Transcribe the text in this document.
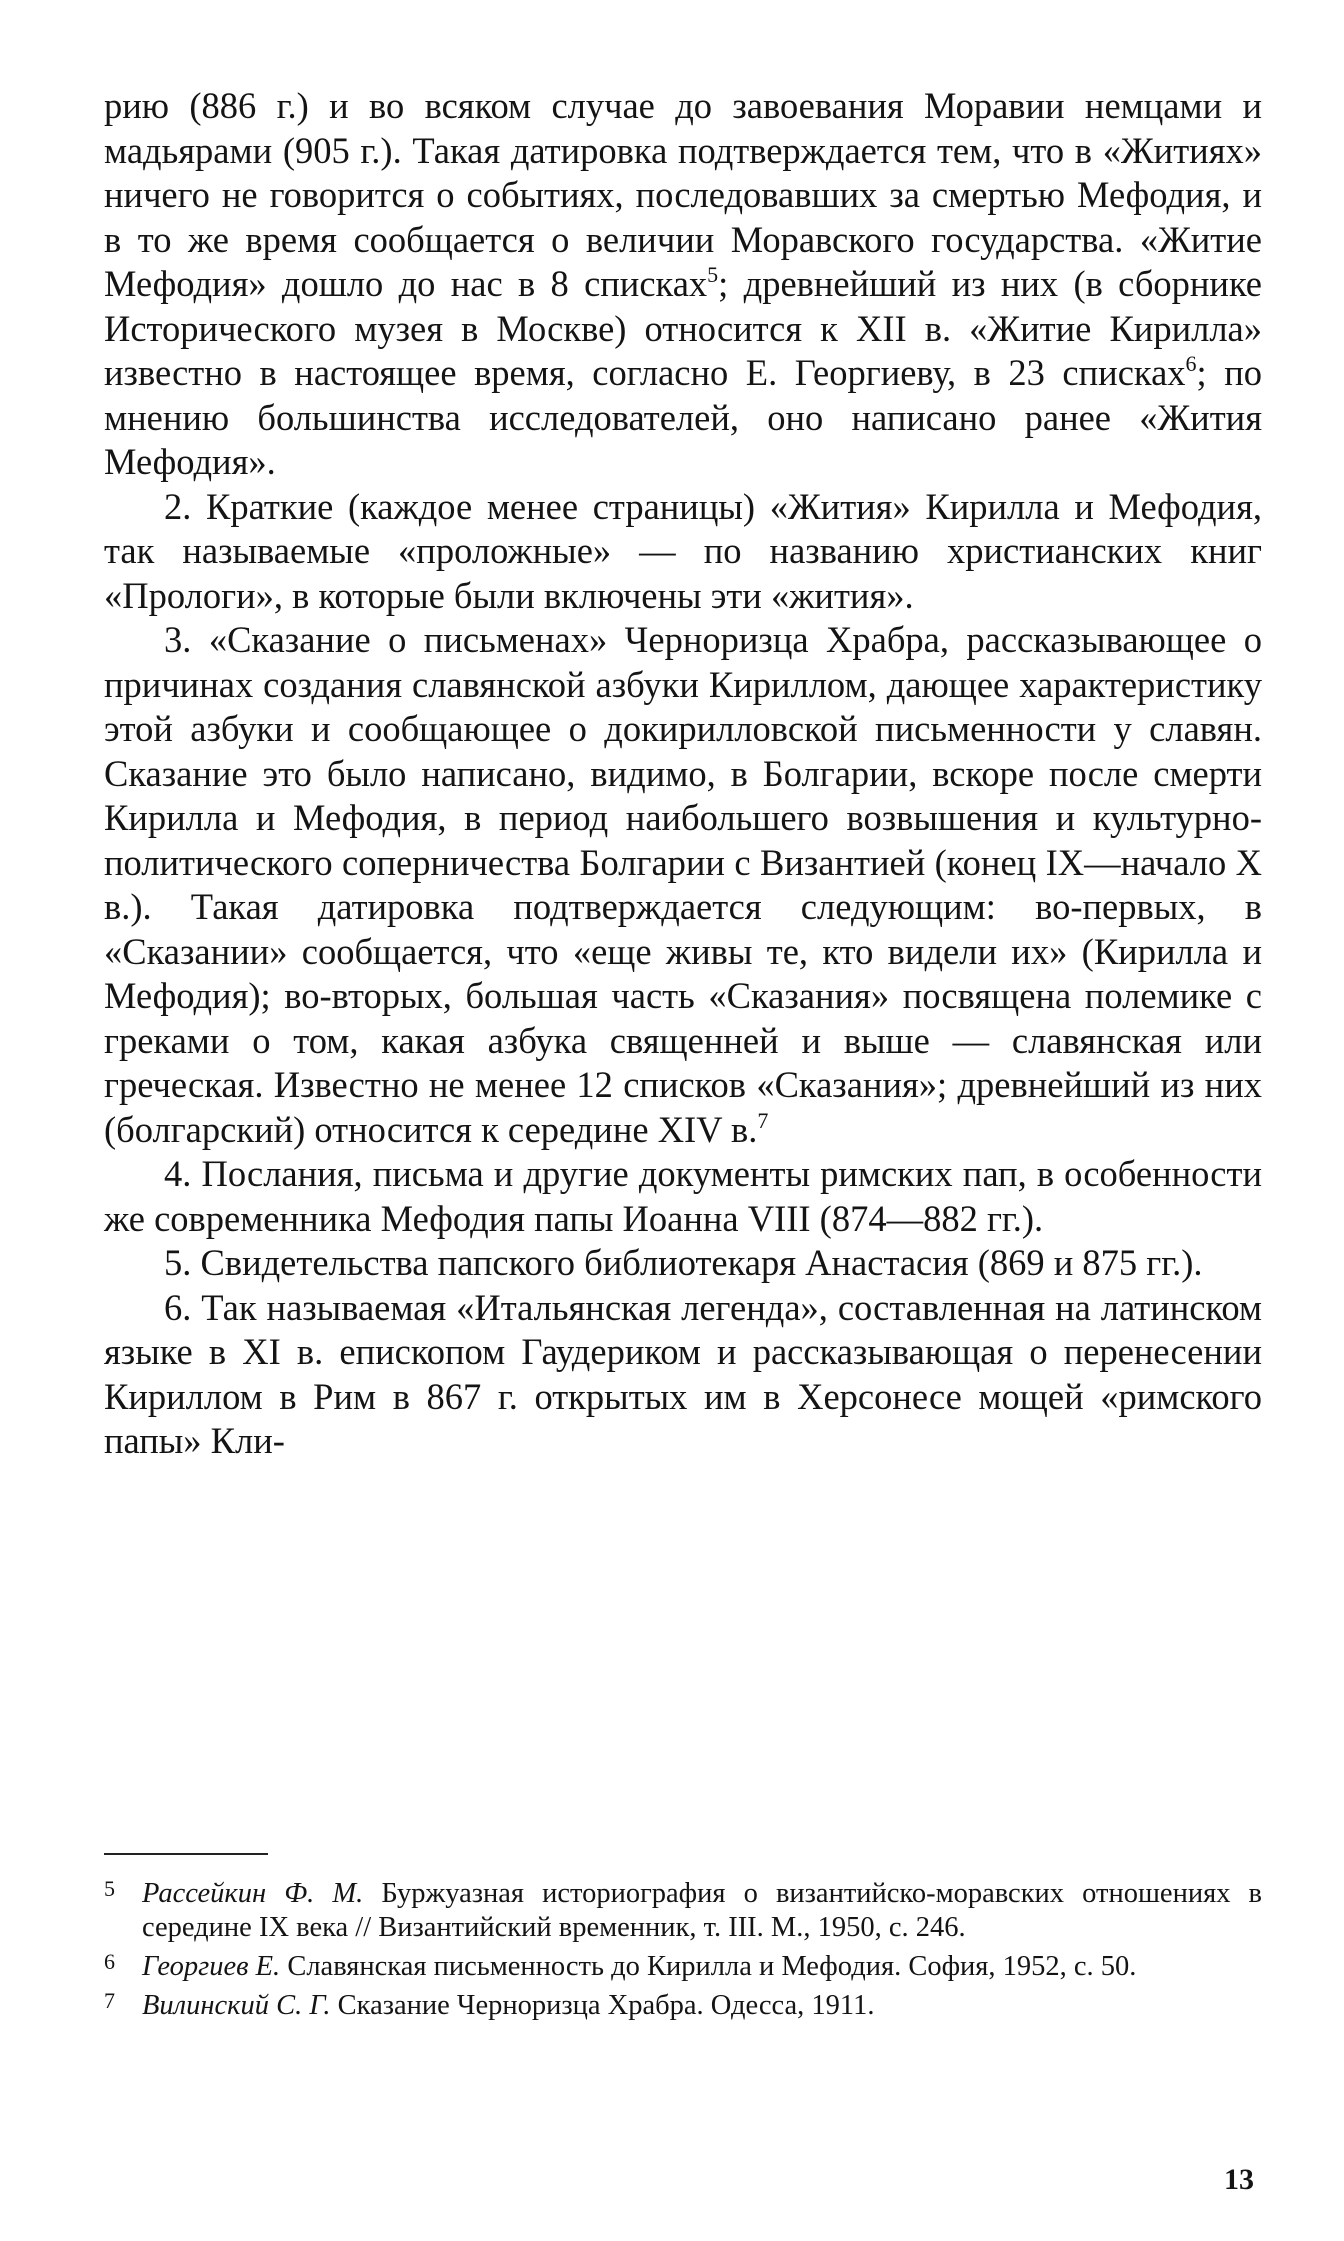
рию (886 г.) и во всяком случае до завоевания Моравии немцами и мадьярами (905 г.). Такая датировка подтверждается тем, что в «Житиях» ничего не говорится о событиях, последовавших за смертью Мефодия, и в то же время сообщается о величии Моравского государства. «Житие Мефодия» дошло до нас в 8 списках$^5$; древнейший из них (в сборнике Исторического музея в Москве) относится к XII в. «Житие Кирилла» известно в настоящее время, согласно Е. Георгиеву, в 23 списках$^6$; по мнению большинства исследователей, оно написано ранее «Жития Мефодия».

2. Краткие (каждое менее страницы) «Жития» Кирилла и Мефодия, так называемые «проложные» — по названию христианских книг «Прологи», в которые были включены эти «жития».

3. «Сказание о письменах» Черноризца Храбра, рассказывающее о причинах создания славянской азбуки Кириллом, дающее характеристику этой азбуки и сообщающее о докирилловской письменности у славян. Сказание это было написано, видимо, в Болгарии, вскоре после смерти Кирилла и Мефодия, в период наибольшего возвышения и культурно-политического соперничества Болгарии с Византией (конец IX—начало X в.). Такая датировка подтверждается следующим: во-первых, в «Сказании» сообщается, что «еще живы те, кто видели их» (Кирилла и Мефодия); во-вторых, большая часть «Сказания» посвящена полемике с греками о том, какая азбука священней и выше — славянская или греческая. Известно не менее 12 списков «Сказания»; древнейший из них (болгарский) относится к середине XIV в.$^7$

4. Послания, письма и другие документы римских пап, в особенности же современника Мефодия папы Иоанна VIII (874—882 гг.).

5. Свидетельства папского библиотекаря Анастасия (869 и 875 гг.).

6. Так называемая «Итальянская легенда», составленная на латинском языке в XI в. епископом Гаудериком и рассказывающая о перенесении Кириллом в Рим в 867 г. открытых им в Херсонесе мощей «римского папы» Кли-

5 Рассейкин Ф. М. Буржуазная историография о византийско-моравских отношениях в середине IX века // Византийский временник, т. III. М., 1950, с. 246.

6 Георгиев Е. Славянская письменность до Кирилла и Мефодия. София, 1952, с. 50.

7 Вилинский С. Г. Сказание Черноризца Храбра. Одесса, 1911.

13
